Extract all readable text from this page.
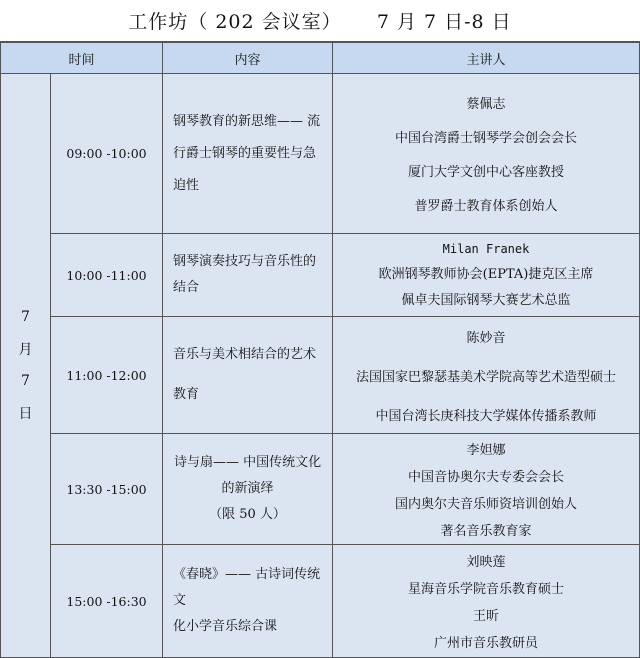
工作坊（ 202 会议室）     7 月 7 日-8 日
时间		内容	主讲人

7
月
7
日	09:00 -10:00	钢琴教育的新思维—— 流
行爵士钢琴的重要性与急
迫性	蔡佩志
中国台湾爵士钢琴学会创会会长
厦门大学文创中心客座教授
普罗爵士教育体系创始人

	10:00 -11:00	钢琴演奏技巧与音乐性的
结合	Milan Franek
欧洲钢琴教师协会(EPTA)捷克区主席
佩卓夫国际钢琴大赛艺术总监

	11:00 -12:00	音乐与美术相结合的艺术
教育	陈妙音
法国国家巴黎瑟基美术学院高等艺术造型硕士
中国台湾长庚科技大学媒体传播系教师

	13:30 -15:00	诗与扇—— 中国传统文化
的新演绎
（限 50 人）	李妲娜
中国音协奥尔夫专委会会长
国内奥尔夫音乐师资培训创始人
著名音乐教育家

	15:00 -16:30	《春晓》—— 古诗词传统文
化小学音乐综合课	刘映莲
星海音乐学院音乐教育硕士
王昕
广州市音乐教研员
